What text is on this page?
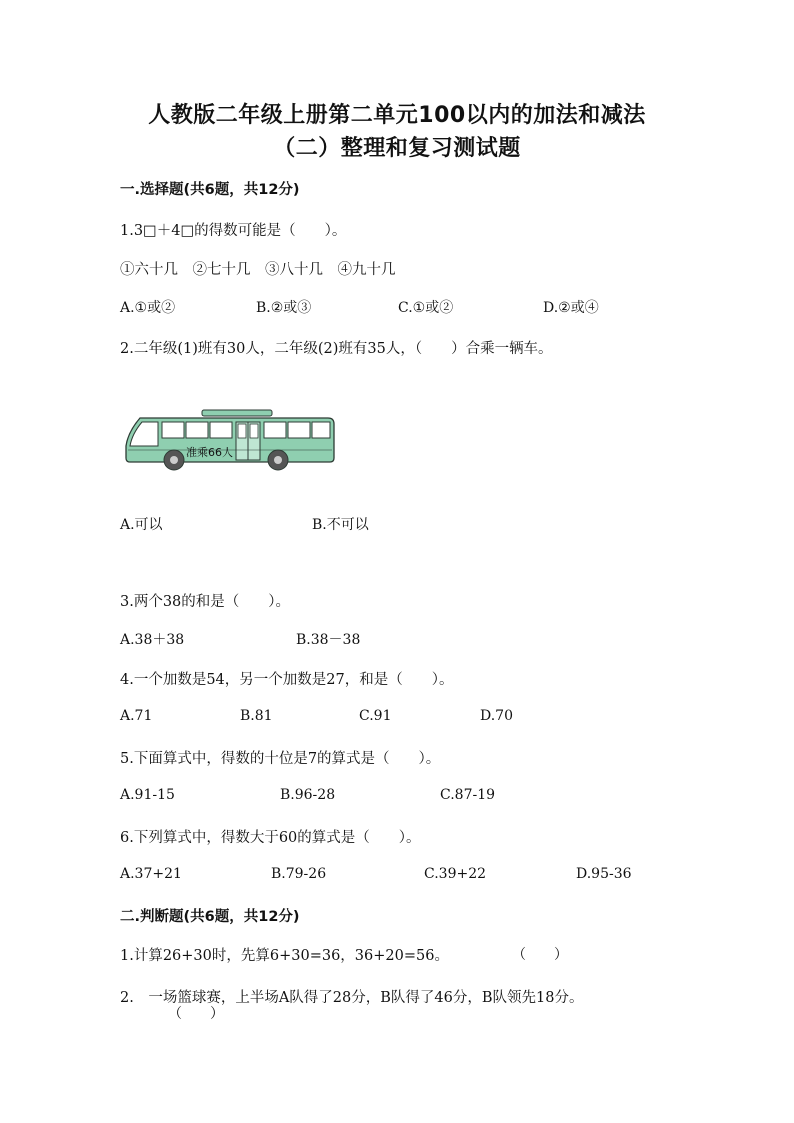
人教版二年级上册第二单元100以内的加法和减法
（二）整理和复习测试题
一.选择题(共6题，共12分)
1.3□＋4□的得数可能是（　　）。
①六十几　②七十几　③八十几　④九十几
A.①或②	B.②或③	C.①或②	D.②或④
2.二年级(1)班有30人，二年级(2)班有35人，（　　）合乘一辆车。
准乘66人
A.可以	B.不可以
3.两个38的和是（　　）。
A.38＋38	B.38－38
4.一个加数是54，另一个加数是27，和是（　　）。
A.71	B.81	C.91	D.70
5.下面算式中，得数的十位是7的算式是（　　）。
A.91-15	B.96-28	C.87-19
6.下列算式中，得数大于60的算式是（　　）。
A.37+21	B.79-26	C.39+22	D.95-36
二.判断题(共6题，共12分)
1.计算26+30时，先算6+30=36，36+20=56。	（　　）
2.　一场篮球赛，上半场A队得了28分，B队得了46分，B队领先18分。
（　　）
